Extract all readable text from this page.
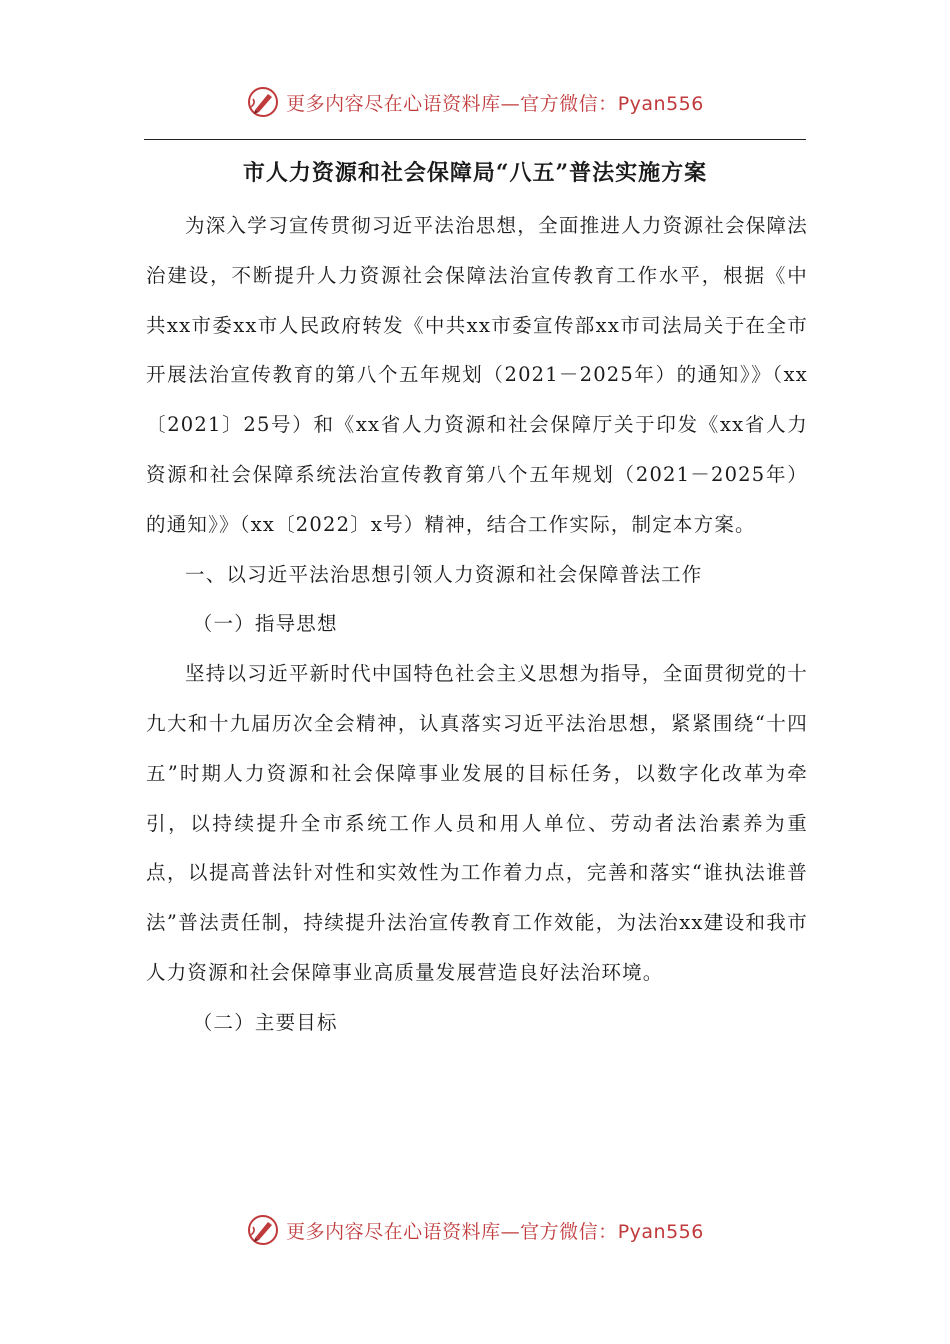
更多内容尽在心语资料库—官方微信：Pyan556
市人力资源和社会保障局“八五”普法实施方案

为深入学习宣传贯彻习近平法治思想，全面推进人力资源社会保障法治建设，不断提升人力资源社会保障法治宣传教育工作水平，根据《中共xx市委xx市人民政府转发《中共xx市委宣传部xx市司法局关于在全市开展法治宣传教育的第八个五年规划（2021－2025年）的通知》》（xx〔2021〕25号）和《xx省人力资源和社会保障厅关于印发《xx省人力资源和社会保障系统法治宣传教育第八个五年规划（2021－2025年）的通知》》（xx〔2022〕x号）精神，结合工作实际，制定本方案。

一、以习近平法治思想引领人力资源和社会保障普法工作

（一）指导思想

坚持以习近平新时代中国特色社会主义思想为指导，全面贯彻党的十九大和十九届历次全会精神，认真落实习近平法治思想，紧紧围绕“十四五”时期人力资源和社会保障事业发展的目标任务，以数字化改革为牵引，以持续提升全市系统工作人员和用人单位、劳动者法治素养为重点，以提高普法针对性和实效性为工作着力点，完善和落实“谁执法谁普法”普法责任制，持续提升法治宣传教育工作效能，为法治xx建设和我市人力资源和社会保障事业高质量发展营造良好法治环境。

（二）主要目标

更多内容尽在心语资料库—官方微信：Pyan556
